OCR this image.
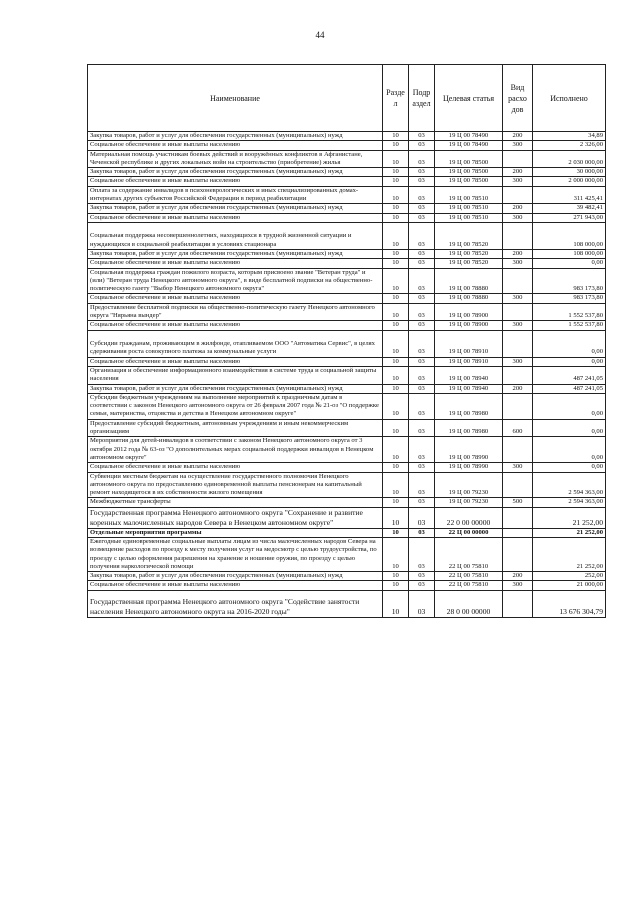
44
Наименование	Разде л	Подр аздел	Целевая статья	Вид расхо дов	Исполнено
Закупка товаров, работ и услуг для обеспечения государственных (муниципальных) нужд	10	03	19 Ц 00 78490	200	34,89
Социальное обеспечение и иные выплаты населению	10	03	19 Ц 00 78490	300	2 326,00
Материальная помощь участникам боевых действий и вооружённых конфликтов в Афганистане, Чеченской республике и других локальных войн на строительство (приобретение) жилья	10	03	19 Ц 00 78500		2 030 000,00
Закупка товаров, работ и услуг для обеспечения государственных (муниципальных) нужд	10	03	19 Ц 00 78500	200	30 000,00
Социальное обеспечение и иные выплаты населению	10	03	19 Ц 00 78500	300	2 000 000,00
Оплата за содержание инвалидов в психоневрологических и иных специализированных домах-интернатах других субъектов Российской Федерации в период реабилитации	10	03	19 Ц 00 78510		311 425,41
Закупка товаров, работ и услуг для обеспечения государственных (муниципальных) нужд	10	03	19 Ц 00 78510	200	39 482,41
Социальное обеспечение и иные выплаты населению	10	03	19 Ц 00 78510	300	271 943,00
Социальная поддержка несовершеннолетних, находящихся в трудной жизненной ситуации и нуждающихся в социальной реабилитации в условиях стационара	10	03	19 Ц 00 78520		108 000,00
Закупка товаров, работ и услуг для обеспечения государственных (муниципальных) нужд	10	03	19 Ц 00 78520	200	108 000,00
Социальное обеспечение и иные выплаты населению	10	03	19 Ц 00 78520	300	0,00
Социальная поддержка граждан пожилого возраста, которым присвоено звание "Ветеран труда" и (или) "Ветеран труда Ненецкого автономного округа", в виде бесплатной подписки на общественно-политическую газету "Выбор Ненецкого автономного округа"	10	03	19 Ц 00 78880		983 173,80
Социальное обеспечение и иные выплаты населению	10	03	19 Ц 00 78880	300	983 173,80
Предоставление бесплатной подписки на общественно-политическую газету Ненецкого автономного округа "Нярьяна вындер"	10	03	19 Ц 00 78900		1 552 537,80
Социальное обеспечение и иные выплаты населению	10	03	19 Ц 00 78900	300	1 552 537,80
Субсидии гражданам, проживающим в жилфонде, отапливаемом ООО "Автоматика Сервис", в целях сдерживания роста совокупного платежа за коммунальные услуги	10	03	19 Ц 00 78910		0,00
Социальное обеспечение и иные выплаты населению	10	03	19 Ц 00 78910	300	0,00
Организация и обеспечение информационного взаимодействия в системе труда и социальной защиты населения	10	03	19 Ц 00 78940		487 241,05
Закупка товаров, работ и услуг для обеспечения государственных (муниципальных) нужд	10	03	19 Ц 00 78940	200	487 241,05
Субсидии бюджетным учреждениям на выполнение мероприятий к праздничным датам в соответствии с законом Ненецкого автономного округа от 26 февраля 2007 года № 21-оз "О поддержке семьи, материнства, отцовства и детства в Ненецком автономном округе"	10	03	19 Ц 00 78980		0,00
Предоставление субсидий бюджетным, автономным учреждениям и иным некоммерческим организациям	10	03	19 Ц 00 78980	600	0,00
Мероприятия для детей-инвалидов в соответствии с законом Ненецкого автономного округа от 3 октября 2012 года № 63-оз "О дополнительных мерах социальной поддержки инвалидов в Ненецком автономном округе"	10	03	19 Ц 00 78990		0,00
Социальное обеспечение и иные выплаты населению	10	03	19 Ц 00 78990	300	0,00
Субвенции местным бюджетам на осуществление государственного полномочия Ненецкого автономного округа по предоставлению единовременной выплаты пенсионерам на капитальный ремонт находящегося в их собственности жилого помещения	10	03	19 Ц 00 79230		2 594 363,00
Межбюджетные трансферты	10	03	19 Ц 00 79230	500	2 594 363,00
Государственная программа Ненецкого автономного округа "Сохранение и развитие коренных малочисленных народов Севера в Ненецком автономном округе"	10	03	22 0 00 00000		21 252,00
Отдельные мероприятия программы	10	03	22 Ц 00 00000		21 252,00
Ежегодные единовременные социальные выплаты лицам из числа малочисленных народов Севера на возмещение расходов по проезду к месту получения услуг на медосмотр с целью трудоустройства, по проезду с целью оформления разрешения на хранение и ношение оружия, по проезду с целью получения наркологической помощи	10	03	22 Ц 00 75810		21 252,00
Закупка товаров, работ и услуг для обеспечения государственных (муниципальных) нужд	10	03	22 Ц 00 75810	200	252,00
Социальное обеспечение и иные выплаты населению	10	03	22 Ц 00 75810	300	21 000,00
Государственная программа Ненецкого автономного округа "Содействие занятости населения Ненецкого автономного округа на 2016-2020 годы"	10	03	28 0 00 00000		13 676 304,79
